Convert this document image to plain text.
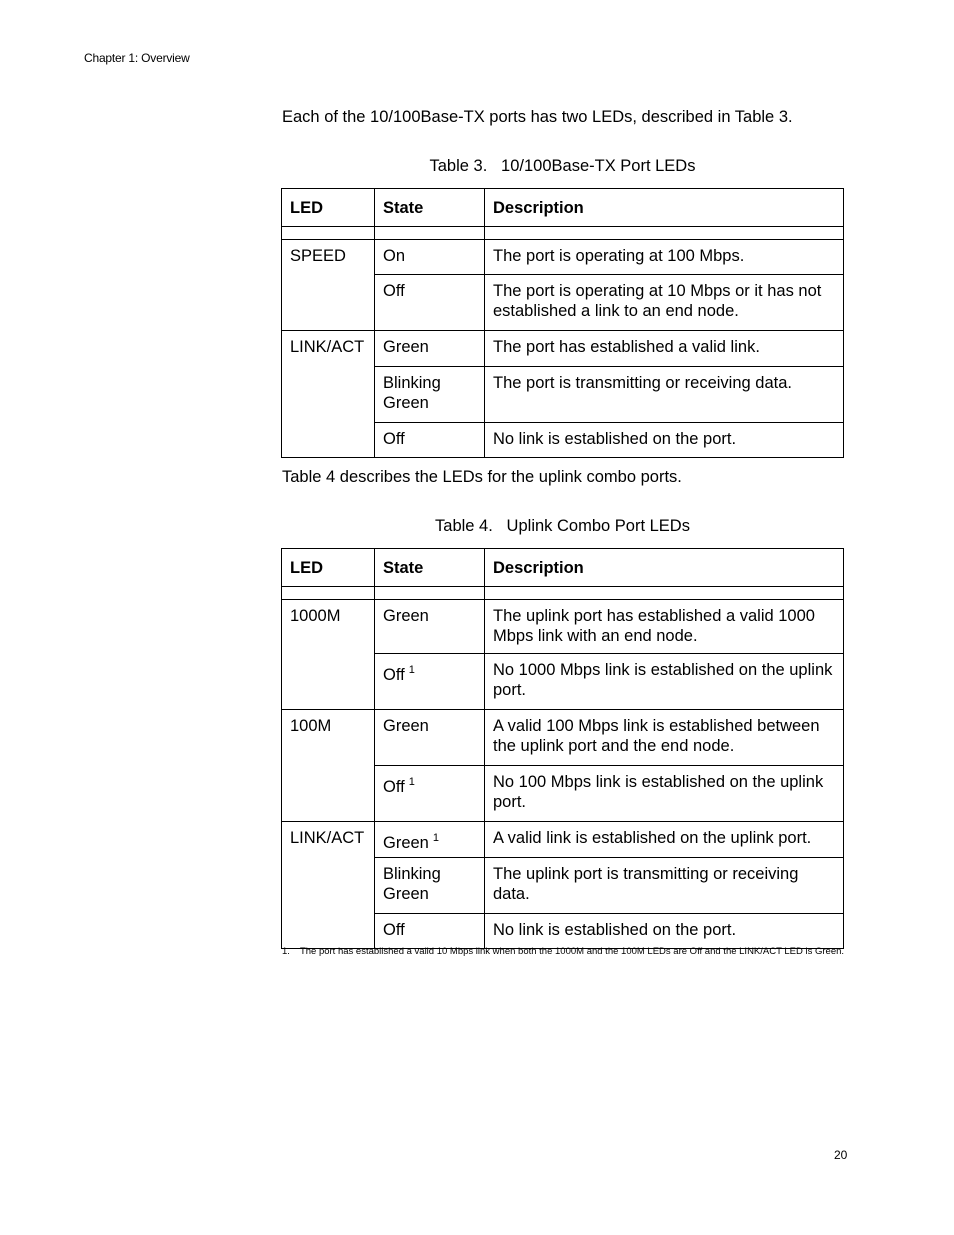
Chapter 1: Overview
Each of the 10/100Base-TX ports has two LEDs, described in Table 3.
Table 3.   10/100Base-TX Port LEDs
LED	State	Description

SPEED	On	The port is operating at 100 Mbps.
	Off	The port is operating at 10 Mbps or it has not established a link to an end node.
LINK/ACT	Green	The port has established a valid link.
	Blinking Green	The port is transmitting or receiving data.
	Off	No link is established on the port.
Table 4 describes the LEDs for the uplink combo ports.
Table 4.   Uplink Combo Port LEDs
LED	State	Description

1000M	Green	The uplink port has established a valid 1000 Mbps link with an end node.
	Off $^1$	No 1000 Mbps link is established on the uplink port.
100M	Green	A valid 100 Mbps link is established between the uplink port and the end node.
	Off $^1$	No 100 Mbps link is established on the uplink port.
LINK/ACT	Green $^1$	A valid link is established on the uplink port.
	Blinking Green	The uplink port is transmitting or receiving data.
	Off	No link is established on the port.
1. The port has established a valid 10 Mbps link when both the 1000M and the 100M LEDs are Off and the LINK/ACT LED is Green.
20
